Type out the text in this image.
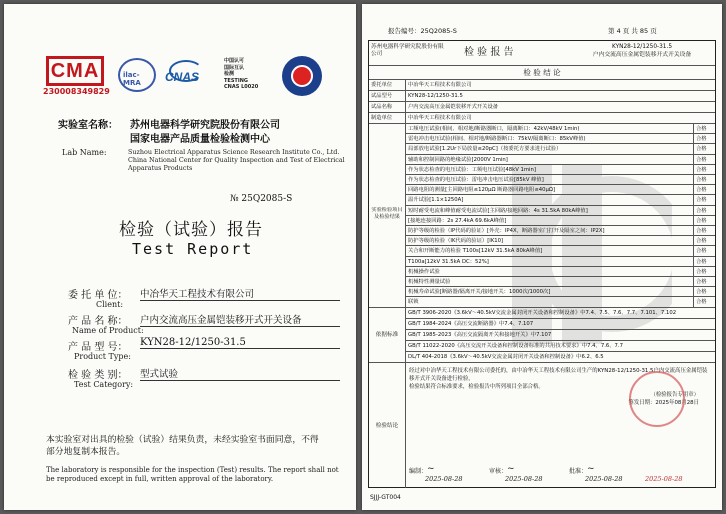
CMA
230008349829
ilac-MRA	CNAS
中国认可
国际互认
检测
TESTING
CNAS L0020
实验室名称： 苏州电器科学研究院股份有限公司
国家电器产品质量检验检测中心
Lab Name:	Suzhou Electrical Apparatus Science Research Institute Co., Ltd. China National Center for Quality Inspection and Test of Electrical Apparatus Products
№ 25Q2085-S
检验（试验）报告
Test Report
委 托 单 位：
Client:
中冶华天工程技术有限公司
产 品 名 称：
Name of Product:
户内交流高压金属铠装移开式开关设备
产 品 型 号：
Product Type:
KYN28-12/1250-31.5
检 验 类 别：
Test Category:
型式试验
本实验室对出具的检验（试验）结果负责，未经实验室书面同意，不得部分地复制本报告。
The laboratory is responsible for the inspection (Test) results. The report shall not be reproduced except in full, written approval of the laboratory.
报告编号：25Q2085-S	第 4 页 共 85 页
苏州电器科学研究院股份有限公司	检 验 报 告	KYN28-12/1250-31.5
户内交流高压金属铠装移开式开关设备
检 验 结 论
委托单位	中冶华天工程技术有限公司
试品型号	KYN28-12/1250-31.5
试品名称	户内交流高压金属铠装移开式开关设备
制造单位	中冶华天工程技术有限公司
工频电压试验(相间、相对地/断路器断口，隔离断口：42kV/48kV 1min)	合格
雷电冲击电压试验(相间、相对地/断路器断口：75kV/隔离断口：85kV峰值)	合格
局部放电试验[1.2Ur下局放量≤20pC]（按委托方要求进行试验）	合格
辅助和控制回路的绝缘试验[2000V 1min]	合格
作为状态检查的电压试验：工频电压试验[48kV 1min]	合格
作为状态检查的电压试验：雷电冲击电压试验[85kV 峰值]	合格
回路电阻的测量[主回路电阻≤120μΩ 断路器回路电阻≤40μΩ]	合格
温升试验[1.1×1250A]	合格
短时耐受电流和峰值耐受电流试验[主回路/接地回路：4s 31.5kA 80kA峰值]	合格
[接地连接回路：2s 27.4kA 69.6kA峰值]	合格
防护等级的检验（IP代码的验证）[外壳：IP4X，断路器室门打开及隔室之间：IP2X]	合格
防护等级的检验（IK代码的验证）[IK10]	合格
关合和开断能力的检验 T100s[12kV 31.5kA 80kA峰值]	合格
T100a[12kV 31.5kA DC：52%]	合格
机械操作试验	合格
机械特性测量试验	合格
机械寿命试验[断路器/隔离开关/接地开关：1000次/1000次]	合格
联锁	合格
实验检验项目及检验结果
GB/T 3906-2020《3.6kV～40.5kV交流金属封闭开关设备和控制设备》中7.4、7.5、7.6、7.7、7.101、7.102
GB/T 1984-2024《高压交流断路器》中7.4、7.107
GB/T 1985-2023《高压交流隔离开关和接地开关》中7.107
GB/T 11022-2020《高压交流开关设备和控制设备标准的共用技术要求》中7.4、7.6、7.7
DL/T 404-2018《3.6kV～40.5kV交流金属封闭开关设备和控制设备》中6.2、6.5
依据标准
检验结论
经过对中冶华天工程技术有限公司委托的，由中冶华天工程技术有限公司生产的KYN28-12/1250-31.5户内交流高压金属铠装移开式开关设备进行检验，
检验结果符合标准要求，检验报告中所列项目全部合格。
（检验报告专用章）
签发日期：2025年08月28日
编制： ~
2025-08-28
审核： ~
2025-08-28
批准： ~
2025-08-28	2025-08-28
SJJJ-GT004
